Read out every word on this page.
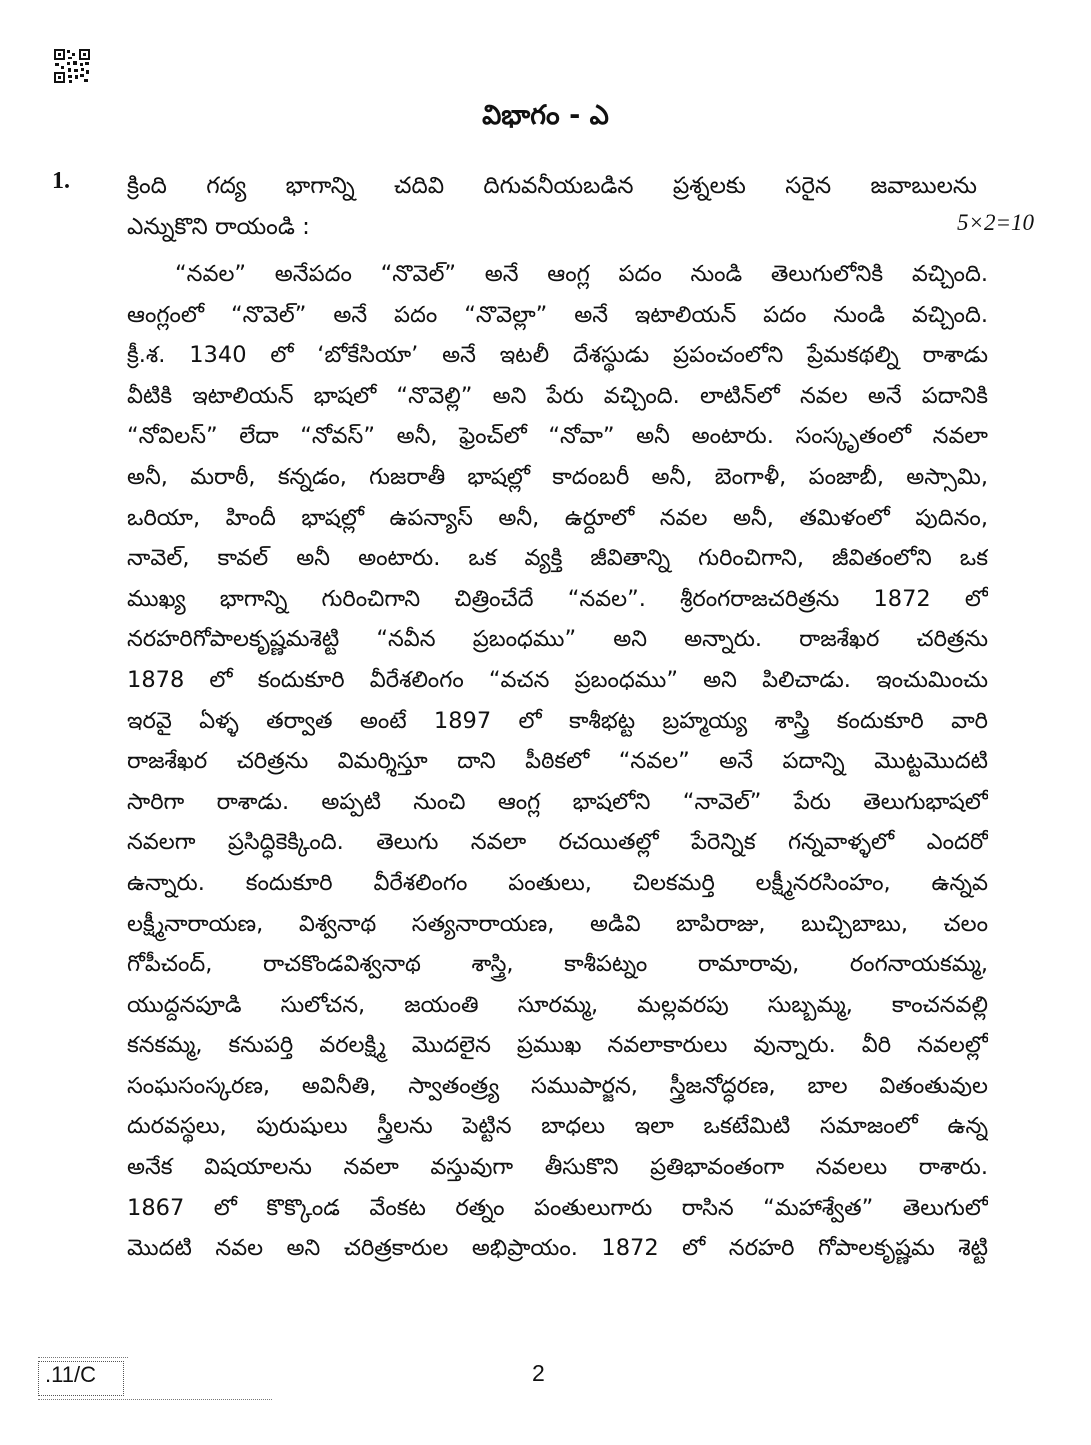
విభాగం - ఎ
1. క్రింది గద్య భాగాన్ని చదివి దిగువనీయబడిన ప్రశ్నలకు సరైన జవాబులను
ఎన్నుకొని రాయండి :	5×2=10
“నవల” అనేపదం “నొవెల్” అనే ఆంగ్ల పదం నుండి తెలుగులోనికి వచ్చింది.
ఆంగ్లంలో “నొవెల్” అనే పదం “నొవెల్లా” అనే ఇటాలియన్ పదం నుండి వచ్చింది.
క్రీ.శ. 1340 లో ‘బోకేసియా’ అనే ఇటలీ దేశస్థుడు ప్రపంచంలోని ప్రేమకథల్ని రాశాడు
వీటికి ఇటాలియన్ భాషలో “నొవెల్లి” అని పేరు వచ్చింది. లాటిన్‌లో నవల అనే పదానికి
“నోవిలస్” లేదా “నోవస్” అనీ, ఫ్రెంచ్‌లో “నోవా” అనీ అంటారు. సంస్కృతంలో నవలా
అనీ, మరాఠీ, కన్నడం, గుజరాతీ భాషల్లో కాదంబరీ అనీ, బెంగాళీ, పంజాబీ, అస్సామి,
ఒరియా, హిందీ భాషల్లో ఉపన్యాస్ అనీ, ఉర్దూలో నవల అనీ, తమిళంలో పుదినం,
నావెల్, కావల్ అనీ అంటారు. ఒక వ్యక్తి జీవితాన్ని గురించిగాని, జీవితంలోని ఒక
ముఖ్య భాగాన్ని గురించిగాని చిత్రించేదే “నవల”. శ్రీరంగరాజచరిత్రను 1872 లో
నరహరిగోపాలకృష్ణమశెట్టి “నవీన ప్రబంధము” అని అన్నారు. రాజశేఖర చరిత్రను
1878 లో కందుకూరి వీరేశలింగం “వచన ప్రబంధము” అని పిలిచాడు. ఇంచుమించు
ఇరవై ఏళ్ళ తర్వాత అంటే 1897 లో కాశీభట్ట బ్రహ్మయ్య శాస్త్రి కందుకూరి వారి
రాజశేఖర చరిత్రను విమర్శిస్తూ దాని పీఠికలో “నవల” అనే పదాన్ని మొట్టమొదటి
సారిగా రాశాడు. అప్పటి నుంచి ఆంగ్ల భాషలోని “నావెల్” పేరు తెలుగుభాషలో
నవలగా ప్రసిద్ధికెక్కింది. తెలుగు నవలా రచయితల్లో పేరెన్నిక గన్నవాళ్ళలో ఎందరో
ఉన్నారు. కందుకూరి వీరేశలింగం పంతులు, చిలకమర్తి లక్ష్మీనరసింహం, ఉన్నవ
లక్ష్మీనారాయణ, విశ్వనాథ సత్యనారాయణ, అడివి బాపిరాజు, బుచ్చిబాబు, చలం
గోపీచంద్, రాచకొండవిశ్వనాథ శాస్త్రి, కాశీపట్నం రామారావు, రంగనాయకమ్మ,
యుద్దనపూడి సులోచన, జయంతి సూరమ్మ, మల్లవరపు సుబ్బమ్మ, కాంచనవల్లి
కనకమ్మ, కనుపర్తి వరలక్ష్మి మొదలైన ప్రముఖ నవలాకారులు వున్నారు. వీరి నవలల్లో
సంఘసంస్కరణ, అవినీతి, స్వాతంత్ర్య సముపార్జన, స్త్రీజనోద్ధరణ, బాల వితంతువుల
దురవస్థలు, పురుషులు స్త్రీలను పెట్టిన బాధలు ఇలా ఒకటేమిటి సమాజంలో ఉన్న
అనేక విషయాలను నవలా వస్తువుగా తీసుకొని ప్రతిభావంతంగా నవలలు రాశారు.
1867 లో కొక్కొండ వేంకట రత్నం పంతులుగారు రాసిన “మహాశ్వేత” తెలుగులో
మొదటి నవల అని చరిత్రకారుల అభిప్రాయం. 1872 లో నరహరి గోపాలకృష్ణమ శెట్టి
.11/C	2
